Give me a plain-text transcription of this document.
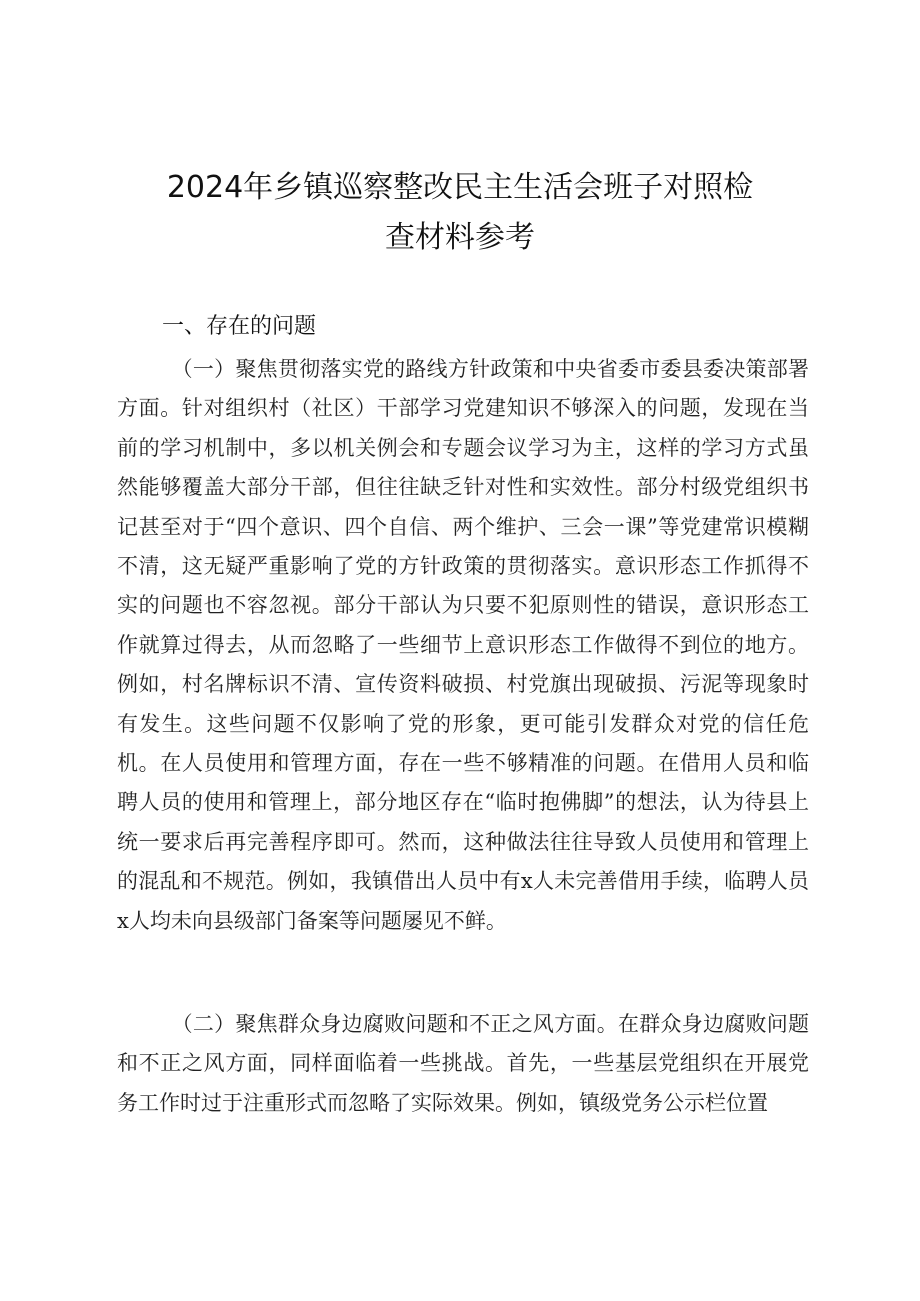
2024年乡镇巡察整改民主生活会班子对照检
查材料参考
一、存在的问题

（一）聚焦贯彻落实党的路线方针政策和中央省委市委县委决策部署方面。针对组织村（社区）干部学习党建知识不够深入的问题，发现在当前的学习机制中，多以机关例会和专题会议学习为主，这样的学习方式虽然能够覆盖大部分干部，但往往缺乏针对性和实效性。部分村级党组织书记甚至对于“四个意识、四个自信、两个维护、三会一课”等党建常识模糊不清，这无疑严重影响了党的方针政策的贯彻落实。意识形态工作抓得不实的问题也不容忽视。部分干部认为只要不犯原则性的错误，意识形态工作就算过得去，从而忽略了一些细节上意识形态工作做得不到位的地方。例如，村名牌标识不清、宣传资料破损、村党旗出现破损、污泥等现象时有发生。这些问题不仅影响了党的形象，更可能引发群众对党的信任危机。在人员使用和管理方面，存在一些不够精准的问题。在借用人员和临聘人员的使用和管理上，部分地区存在“临时抱佛脚”的想法，认为待县上统一要求后再完善程序即可。然而，这种做法往往导致人员使用和管理上的混乱和不规范。例如，我镇借出人员中有x人未完善借用手续，临聘人员x人均未向县级部门备案等问题屡见不鲜。

（二）聚焦群众身边腐败问题和不正之风方面。在群众身边腐败问题和不正之风方面，同样面临着一些挑战。首先，一些基层党组织在开展党务工作时过于注重形式而忽略了实际效果。例如，镇级党务公示栏位置
